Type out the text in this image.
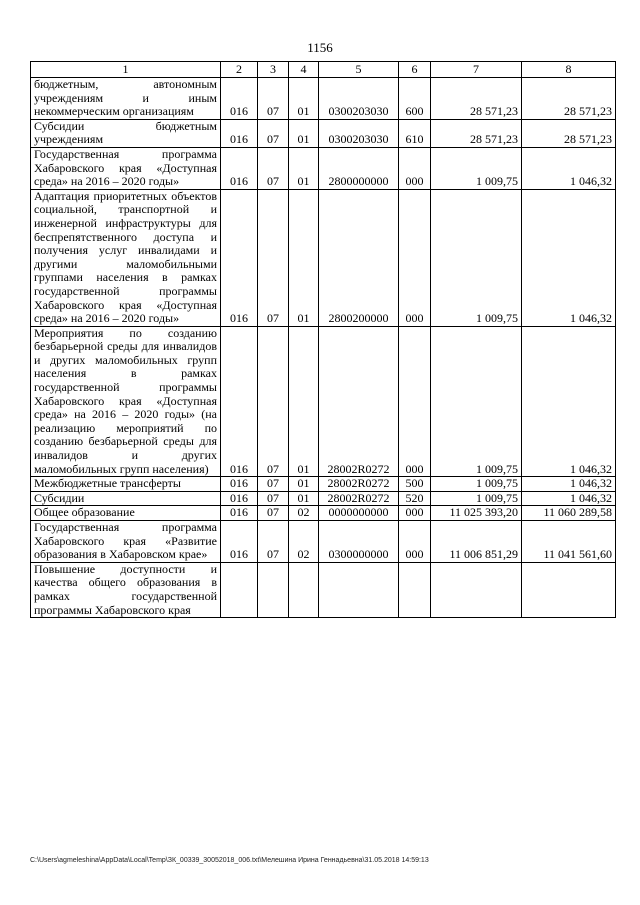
1156
1	2	3	4	5	6	7	8
бюджетным, автономным учреждениям и иным некоммерческим организациям	016	07	01	0300203030	600	28 571,23	28 571,23
Субсидии бюджетным учреждениям	016	07	01	0300203030	610	28 571,23	28 571,23
Государственная программа Хабаровского края «Доступная среда» на 2016 – 2020 годы»	016	07	01	2800000000	000	1 009,75	1 046,32
Адаптация приоритетных объектов социальной, транспортной и инженерной инфраструктуры для беспрепятственного доступа и получения услуг инвалидами и другими маломобильными группами населения в рамках государственной программы Хабаровского края «Доступная среда» на 2016 – 2020 годы»	016	07	01	2800200000	000	1 009,75	1 046,32
Мероприятия по созданию безбарьерной среды для инвалидов и других маломобильных групп населения в рамках государственной программы Хабаровского края «Доступная среда» на 2016 – 2020 годы» (на реализацию мероприятий по созданию безбарьерной среды для инвалидов и других маломобильных групп населения)	016	07	01	28002R0272	000	1 009,75	1 046,32
Межбюджетные трансферты	016	07	01	28002R0272	500	1 009,75	1 046,32
Субсидии	016	07	01	28002R0272	520	1 009,75	1 046,32
Общее образование	016	07	02	0000000000	000	11 025 393,20	11 060 289,58
Государственная программа Хабаровского края «Развитие образования в Хабаровском крае»	016	07	02	0300000000	000	11 006 851,29	11 041 561,60
Повышение доступности и качества общего образования в рамках государственной программы Хабаровского края							
C:\Users\agmeleshina\AppData\Local\Temp\ЗК_00339_30052018_006.txt\Мелешина Ирина Геннадьевна\31.05.2018 14:59:13
